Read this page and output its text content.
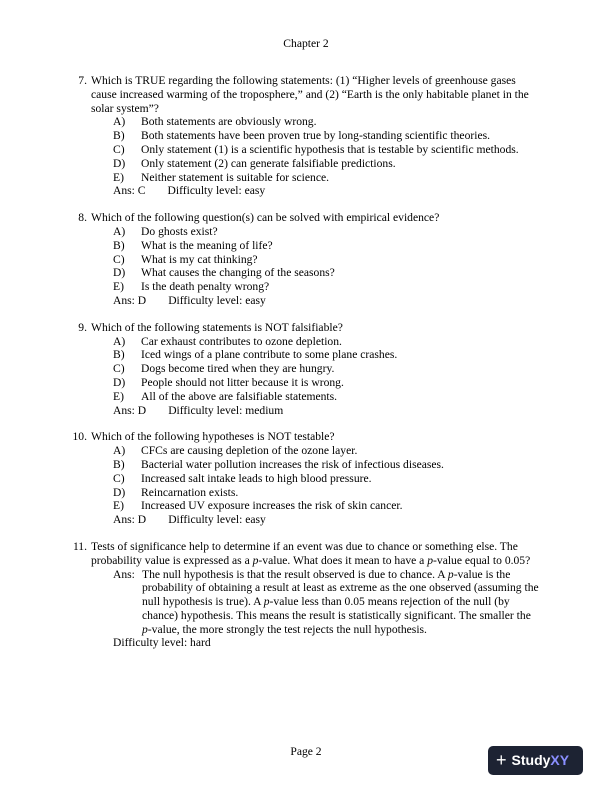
Chapter 2
7. Which is TRUE regarding the following statements: (1) “Higher levels of greenhouse gases cause increased warming of the troposphere,” and (2) “Earth is the only habitable planet in the solar system”?
A)	Both statements are obviously wrong.
B)	Both statements have been proven true by long-standing scientific theories.
C)	Only statement (1) is a scientific hypothesis that is testable by scientific methods.
D)	Only statement (2) can generate falsifiable predictions.
E)	Neither statement is suitable for science.
Ans: C Difficulty level: easy
8. Which of the following question(s) can be solved with empirical evidence?
A)	Do ghosts exist?
B)	What is the meaning of life?
C)	What is my cat thinking?
D)	What causes the changing of the seasons?
E)	Is the death penalty wrong?
Ans: D Difficulty level: easy
9. Which of the following statements is NOT falsifiable?
A)	Car exhaust contributes to ozone depletion.
B)	Iced wings of a plane contribute to some plane crashes.
C)	Dogs become tired when they are hungry.
D)	People should not litter because it is wrong.
E)	All of the above are falsifiable statements.
Ans: D Difficulty level: medium
10. Which of the following hypotheses is NOT testable?
A)	CFCs are causing depletion of the ozone layer.
B)	Bacterial water pollution increases the risk of infectious diseases.
C)	Increased salt intake leads to high blood pressure.
D)	Reincarnation exists.
E)	Increased UV exposure increases the risk of skin cancer.
Ans: D Difficulty level: easy
11. Tests of significance help to determine if an event was due to chance or something else. The probability value is expressed as a p-value. What does it mean to have a p-value equal to 0.05?
Ans: The null hypothesis is that the result observed is due to chance. A p-value is the probability of obtaining a result at least as extreme as the one observed (assuming the null hypothesis is true). A p-value less than 0.05 means rejection of the null (by chance) hypothesis. This means the result is statistically significant. The smaller the p-value, the more strongly the test rejects the null hypothesis.
Difficulty level: hard
Page 2	+ Study XY
